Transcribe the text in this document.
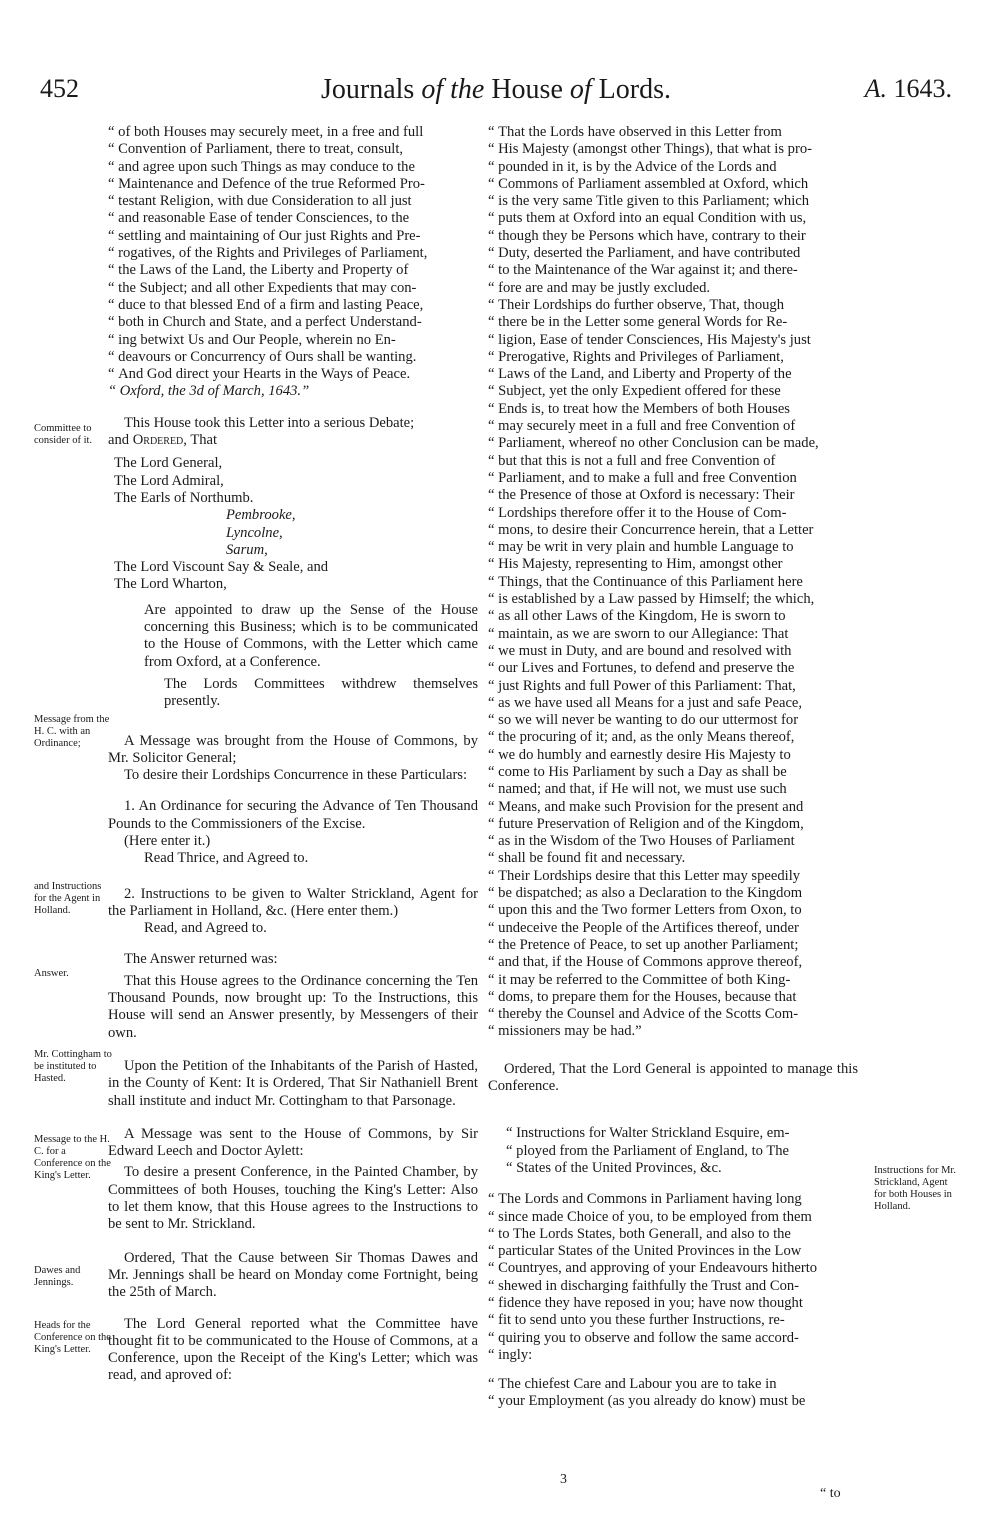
452	Journals of the House of Lords.	A. 1643.
Committee to consider of it.
Message from the H. C. with an Ordinance;
and Instructions for the Agent in Holland.
Answer.
Mr. Cottingham to be instituted to Hasted.
Message to the H. C. for a Conference on the King's Letter.
Dawes and Jennings.
Heads for the Conference on the King's Letter.
Instructions for Mr. Strickland, Agent for both Houses in Holland.

“ of both Houses may securely meet, in a free and full

“ Convention of Parliament, there to treat, consult,

“ and agree upon such Things as may conduce to the

“ Maintenance and Defence of the true Reformed Pro-

“ testant Religion, with due Consideration to all just

“ and reasonable Ease of tender Consciences, to the

“ settling and maintaining of Our just Rights and Pre-

“ rogatives, of the Rights and Privileges of Parliament,

“ the Laws of the Land, the Liberty and Property of

“ the Subject; and all other Expedients that may con-

“ duce to that blessed End of a firm and lasting Peace,

“ both in Church and State, and a perfect Understand-

“ ing betwixt Us and Our People, wherein no En-

“ deavours or Concurrency of Ours shall be wanting.

“ And God direct your Hearts in the Ways of Peace.

“ Oxford, the 3d of March, 1643.”

This House took this Letter into a serious Debate;

and Ordered, That

The Lord General,

The Lord Admiral,

The Earls of Northumb.

Pembrooke,

Lyncolne,

Sarum,

The Lord Viscount Say & Seale, and

The Lord Wharton,

Are appointed to draw up the Sense of the House concerning this Business; which is to be communicated to the House of Commons, with the Letter which came from Oxford, at a Conference.

The Lords Committees withdrew themselves presently.

A Message was brought from the House of Commons, by Mr. Solicitor General;

To desire their Lordships Concurrence in these Particulars:

1. An Ordinance for securing the Advance of Ten Thousand Pounds to the Commissioners of the Excise.

(Here enter it.)

Read Thrice, and Agreed to.

2. Instructions to be given to Walter Strickland, Agent for the Parliament in Holland, &c. (Here enter them.)

Read, and Agreed to.

The Answer returned was:

That this House agrees to the Ordinance concerning the Ten Thousand Pounds, now brought up: To the Instructions, this House will send an Answer presently, by Messengers of their own.

Upon the Petition of the Inhabitants of the Parish of Hasted, in the County of Kent: It is Ordered, That Sir Nathaniell Brent shall institute and induct Mr. Cottingham to that Parsonage.

A Message was sent to the House of Commons, by Sir Edward Leech and Doctor Aylett:

To desire a present Conference, in the Painted Chamber, by Committees of both Houses, touching the King's Letter: Also to let them know, that this House agrees to the Instructions to be sent to Mr. Strickland.

Ordered, That the Cause between Sir Thomas Dawes and Mr. Jennings shall be heard on Monday come Fortnight, being the 25th of March.

The Lord General reported what the Committee have thought fit to be communicated to the House of Commons, at a Conference, upon the Receipt of the King's Letter; which was read, and aproved of:

“ That the Lords have observed in this Letter from

“ His Majesty (amongst other Things), that what is pro-

“ pounded in it, is by the Advice of the Lords and

“ Commons of Parliament assembled at Oxford, which

“ is the very same Title given to this Parliament; which

“ puts them at Oxford into an equal Condition with us,

“ though they be Persons which have, contrary to their

“ Duty, deserted the Parliament, and have contributed

“ to the Maintenance of the War against it; and there-

“ fore are and may be justly excluded.

“ Their Lordships do further observe, That, though

“ there be in the Letter some general Words for Re-

“ ligion, Ease of tender Consciences, His Majesty's just

“ Prerogative, Rights and Privileges of Parliament,

“ Laws of the Land, and Liberty and Property of the

“ Subject, yet the only Expedient offered for these

“ Ends is, to treat how the Members of both Houses

“ may securely meet in a full and free Convention of

“ Parliament, whereof no other Conclusion can be made,

“ but that this is not a full and free Convention of

“ Parliament, and to make a full and free Convention

“ the Presence of those at Oxford is necessary: Their

“ Lordships therefore offer it to the House of Com-

“ mons, to desire their Concurrence herein, that a Letter

“ may be writ in very plain and humble Language to

“ His Majesty, representing to Him, amongst other

“ Things, that the Continuance of this Parliament here

“ is established by a Law passed by Himself; the which,

“ as all other Laws of the Kingdom, He is sworn to

“ maintain, as we are sworn to our Allegiance: That

“ we must in Duty, and are bound and resolved with

“ our Lives and Fortunes, to defend and preserve the

“ just Rights and full Power of this Parliament: That,

“ as we have used all Means for a just and safe Peace,

“ so we will never be wanting to do our uttermost for

“ the procuring of it; and, as the only Means thereof,

“ we do humbly and earnestly desire His Majesty to

“ come to His Parliament by such a Day as shall be

“ named; and that, if He will not, we must use such

“ Means, and make such Provision for the present and

“ future Preservation of Religion and of the Kingdom,

“ as in the Wisdom of the Two Houses of Parliament

“ shall be found fit and necessary.

“ Their Lordships desire that this Letter may speedily

“ be dispatched; as also a Declaration to the Kingdom

“ upon this and the Two former Letters from Oxon, to

“ undeceive the People of the Artifices thereof, under

“ the Pretence of Peace, to set up another Parliament;

“ and that, if the House of Commons approve thereof,

“ it may be referred to the Committee of both King-

“ doms, to prepare them for the Houses, because that

“ thereby the Counsel and Advice of the Scotts Com-

“ missioners may be had.”

Ordered, That the Lord General is appointed to manage this Conference.

“ Instructions for Walter Strickland Esquire, em-

“ ployed from the Parliament of England, to The

“ States of the United Provinces, &c.

“ The Lords and Commons in Parliament having long

“ since made Choice of you, to be employed from them

“ to The Lords States, both Generall, and also to the

“ particular States of the United Provinces in the Low

“ Countryes, and approving of your Endeavours hitherto

“ shewed in discharging faithfully the Trust and Con-

“ fidence they have reposed in you; have now thought

“ fit to send unto you these further Instructions, re-

“ quiring you to observe and follow the same accord-

“ ingly:

“ The chiefest Care and Labour you are to take in

“ your Employment (as you already do know) must be

3
“ to
